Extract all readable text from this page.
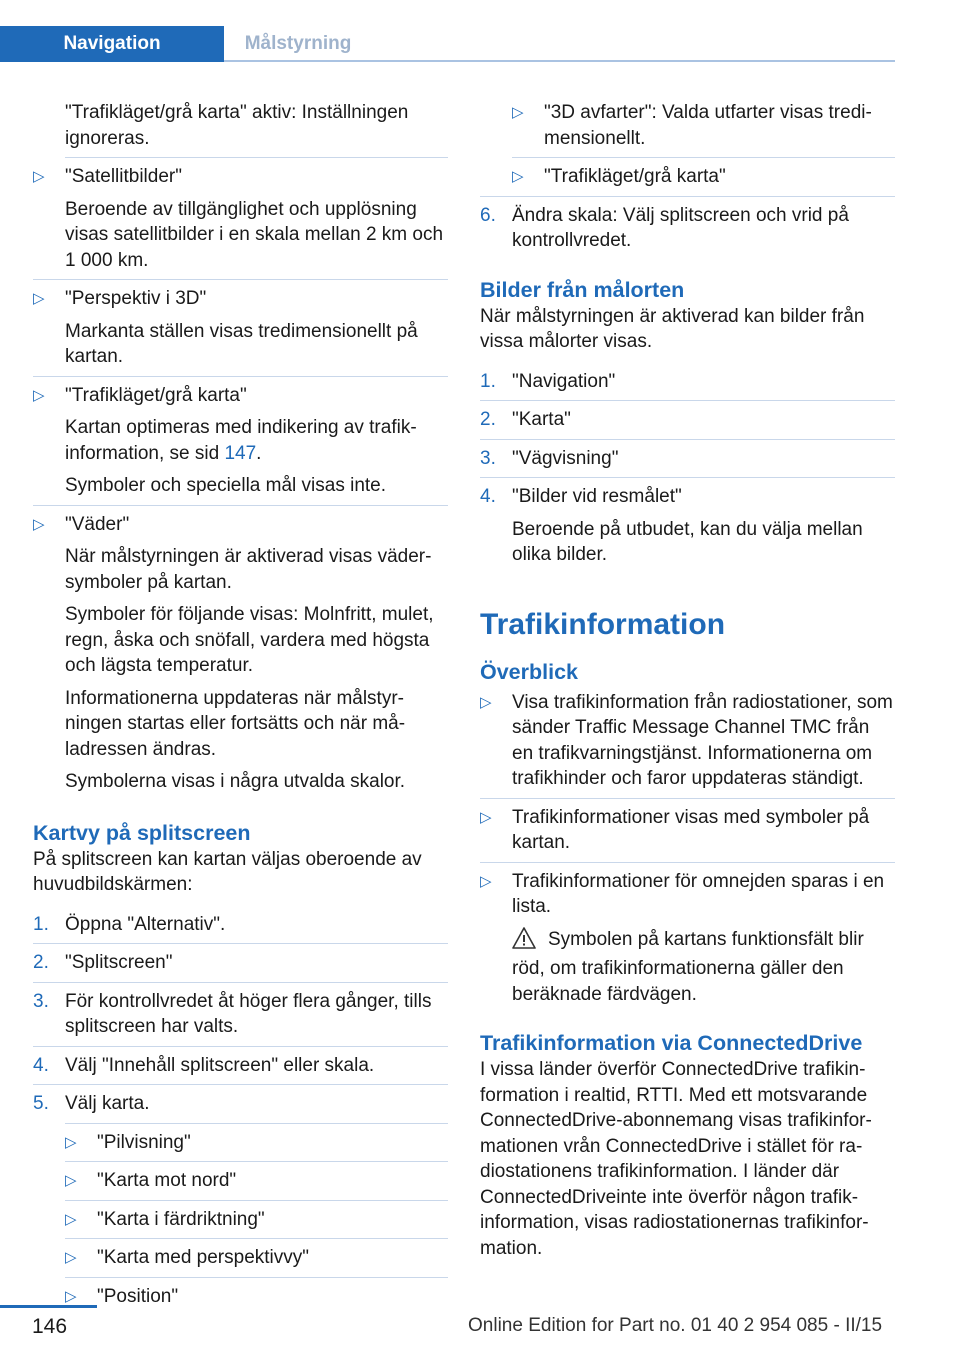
Navigation	Målstyrning

"Trafikläget/grå karta" aktiv: Inställningen ignoreras.

▷	"Satellitbilder"

Beroende av tillgänglighet och upplösning visas satellitbilder i en skala mellan 2 km och 1 000 km.

▷	"Perspektiv i 3D"

Markanta ställen visas tredimensionellt på kartan.

▷	"Trafikläget/grå karta"

Kartan optimeras med indikering av trafikinformation, se sid 147.

Symboler och speciella mål visas inte.

▷	"Väder"

När målstyrningen är aktiverad visas vädersymboler på kartan.

Symboler för följande visas: Molnfritt, mulet, regn, åska och snöfall, vardera med högsta och lägsta temperatur.

Informationerna uppdateras när målstyrningen startas eller fortsätts och när måladressen ändras.

Symbolerna visas i några utvalda skalor.

Kartvy på splitscreen

På splitscreen kan kartan väljas oberoende av huvudbildskärmen:

1. Öppna "Alternativ".
2. "Splitscreen"
3. För kontrollvredet åt höger flera gånger, tills splitscreen har valts.
4. Välj "Innehåll splitscreen" eller skala.
5. Välj karta.
▷	"Pilvisning"
▷	"Karta mot nord"
▷	"Karta i färdriktning"
▷	"Karta med perspektivvy"
▷	"Position"
▷	"3D avfarter": Valda utfarter visas tredimensionellt.
▷	"Trafikläget/grå karta"
6. Ändra skala: Välj splitscreen och vrid på kontrollvredet.
Bilder från målorten

När målstyrningen är aktiverad kan bilder från vissa målorter visas.

1. "Navigation"
2. "Karta"
3. "Vägvisning"
4. "Bilder vid resmålet"

Beroende på utbudet, kan du välja mellan olika bilder.

Trafikinformation
Överblick
▷	Visa trafikinformation från radiostationer, som sänder Traffic Message Channel TMC från en trafikvarningstjänst. Informationerna om trafikhinder och faror uppdateras ständigt.
▷	Trafikinformationer visas med symboler på kartan.
▷	Trafikinformationer för omnejden sparas i en lista.

Symbolen på kartans funktionsfält blir röd, om trafikinformationerna gäller den beräknade färdvägen.

Trafikinformation via ConnectedDrive

I vissa länder överför ConnectedDrive trafikinformation i realtid, RTTI. Med ett motsvarande ConnectedDrive-abonnemang visas trafikinformationen vrån ConnectedDrive i stället för radiostationens trafikinformation. I länder där ConnectedDriveinte inte överför någon trafikinformation, visas radiostationernas trafikinformation.

146	Online Edition for Part no. 01 40 2 954 085 - II/15
